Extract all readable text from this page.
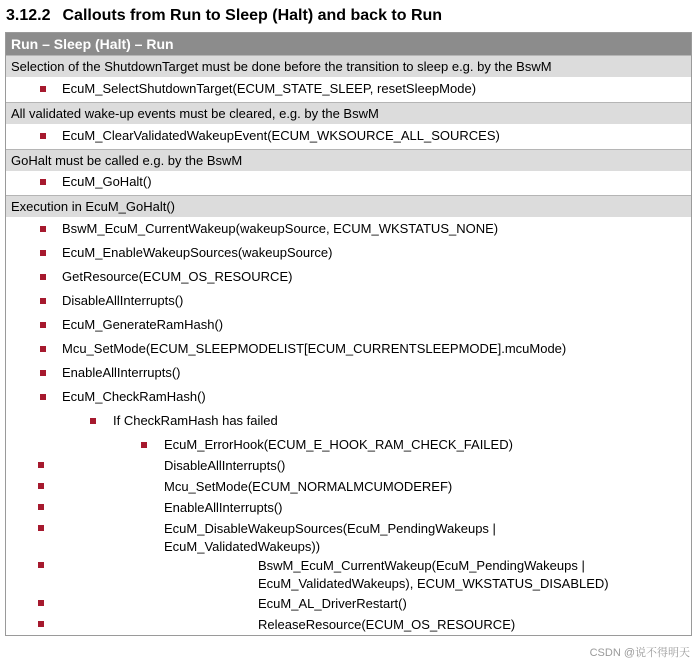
3.12.2 Callouts from Run to Sleep (Halt) and back to Run
Run – Sleep (Halt) – Run
Selection of the ShutdownTarget must be done before the transition to sleep e.g. by the BswM
EcuM_SelectShutdownTarget(ECUM_STATE_SLEEP, resetSleepMode)
All validated wake-up events must be cleared, e.g. by the BswM
EcuM_ClearValidatedWakeupEvent(ECUM_WKSOURCE_ALL_SOURCES)
GoHalt must be called e.g. by the BswM
EcuM_GoHalt()
Execution in EcuM_GoHalt()
BswM_EcuM_CurrentWakeup(wakeupSource, ECUM_WKSTATUS_NONE)
EcuM_EnableWakeupSources(wakeupSource)
GetResource(ECUM_OS_RESOURCE)
DisableAllInterrupts()
EcuM_GenerateRamHash()
Mcu_SetMode(ECUM_SLEEPMODELIST[ECUM_CURRENTSLEEPMODE].mcuMode)
EnableAllInterrupts()
EcuM_CheckRamHash()
If CheckRamHash has failed
EcuM_ErrorHook(ECUM_E_HOOK_RAM_CHECK_FAILED)
DisableAllInterrupts()
Mcu_SetMode(ECUM_NORMALMCUMODEREF)
EnableAllInterrupts()
EcuM_DisableWakeupSources(EcuM_PendingWakeups |
EcuM_ValidatedWakeups))
BswM_EcuM_CurrentWakeup(EcuM_PendingWakeups |
EcuM_ValidatedWakeups), ECUM_WKSTATUS_DISABLED)
EcuM_AL_DriverRestart()
ReleaseResource(ECUM_OS_RESOURCE)
CSDN @说不得明天
